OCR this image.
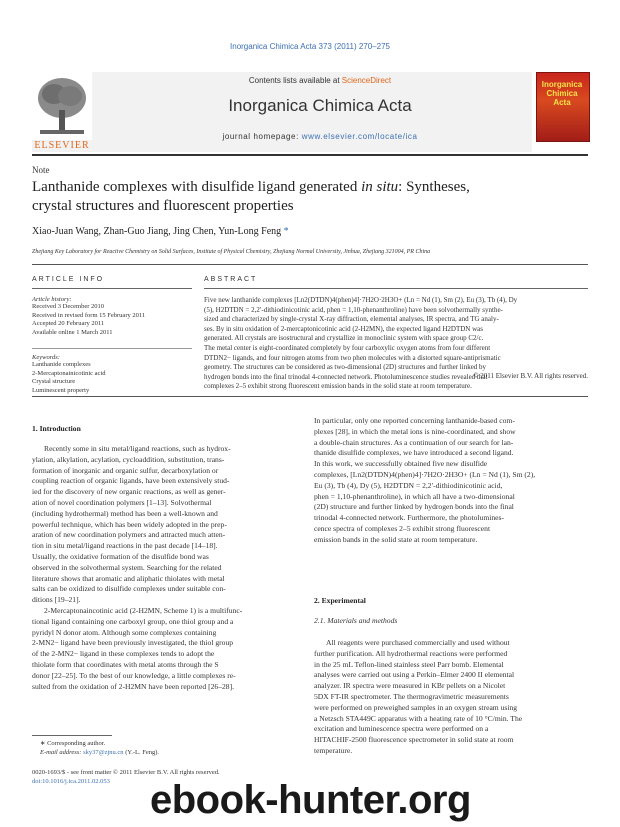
Inorganica Chimica Acta 373 (2011) 270–275
ELSEVIER
Contents lists available at ScienceDirect
Inorganica Chimica Acta
journal homepage: www.elsevier.com/locate/ica
Inorganica Chimica Acta
Note
Lanthanide complexes with disulfide ligand generated in situ: Syntheses,
crystal structures and fluorescent properties
Xiao-Juan Wang, Zhan-Guo Jiang, Jing Chen, Yun-Long Feng *
Zhejiang Key Laboratory for Reactive Chemistry on Solid Surfaces, Institute of Physical Chemistry, Zhejiang Normal University, Jinhua, Zhejiang 321004, PR China
ARTICLE INFO	ABSTRACT
Article history:
Received 3 December 2010
Received in revised form 15 February 2011
Accepted 20 February 2011
Available online 1 March 2011
Keywords:
Lanthanide complexes
2-Mercaptonainicotinic acid
Crystal structure
Luminescent property
Five new lanthanide complexes [Ln2(DTDN)4(phen)4]·7H2O·2H3O+ (Ln = Nd (1), Sm (2), Eu (3), Tb (4), Dy
(5), H2DTDN = 2,2′-dithiodinicotinic acid, phen = 1,10-phenanthroline) have been solvothermally synthe-
sized and characterized by single-crystal X-ray diffraction, elemental analyses, IR spectra, and TG analy-
ses. By in situ oxidation of 2-mercaptonicotinic acid (2-H2MN), the expected ligand H2DTDN was
generated. All crystals are isostructural and crystallize in monoclinic system with space group C2/c.
The metal center is eight-coordinated completely by four carboxylic oxygen atoms from four different
DTDN2− ligands, and four nitrogen atoms from two phen molecules with a distorted square-antiprismatic
geometry. The structures can be considered as two-dimensional (2D) structures and further linked by
hydrogen bonds into the final trinodal 4-connected network. Photoluminescence studies revealed that
complexes 2–5 exhibit strong fluorescent emission bands in the solid state at room temperature.
© 2011 Elsevier B.V. All rights reserved.
1. Introduction
Recently some in situ metal/ligand reactions, such as hydrox-
ylation, alkylation, acylation, cycloaddition, substitution, trans-
formation of inorganic and organic sulfur, decarboxylation or
coupling reaction of organic ligands, have been extensively stud-
ied for the discovery of new organic reactions, as well as gener-
ation of novel coordination polymers [1–13]. Solvothermal
(including hydrothermal) method has been a well-known and
powerful technique, which has been widely adopted in the prep-
aration of new coordination polymers and attracted much atten-
tion in situ metal/ligand reactions in the past decade [14–18].
Usually, the oxidative formation of the disulfide bond was
observed in the solvothermal system. Searching for the related
literature shows that aromatic and aliphatic thiolates with metal
salts can be oxidized to disulfide complexes under suitable con-
ditions [19–21].
2-Mercaptonaincotinic acid (2-H2MN, Scheme 1) is a multifunc-
tional ligand containing one carboxyl group, one thiol group and a
pyridyl N donor atom. Although some complexes containing
2-MN2− ligand have been previously investigated, the thiol group
of the 2-MN2− ligand in these complexes tends to adopt the
thiolate form that coordinates with metal atoms through the S
donor [22–25]. To the best of our knowledge, a little complexes re-
sulted from the oxidation of 2-H2MN have been reported [26–28].
In particular, only one reported concerning lanthanide-based com-
plexes [28], in which the metal ions is nine-coordinated, and show
a double-chain structures. As a continuation of our search for lan-
thanide disulfide complexes, we have introduced a second ligand.
In this work, we successfully obtained five new disulfide
complexes, [Ln2(DTDN)4(phen)4]·7H2O·2H3O+ (Ln = Nd (1), Sm (2),
Eu (3), Tb (4), Dy (5), H2DTDN = 2,2′-dithiodinicotinic acid,
phen = 1,10-phenanthroline), in which all have a two-dimensional
(2D) structure and further linked by hydrogen bonds into the final
trinodal 4-connected network. Furthermore, the photolumines-
cence spectra of complexes 2–5 exhibit strong fluorescent
emission bands in the solid state at room temperature.
2. Experimental
2.1. Materials and methods
All reagents were purchased commercially and used without
further purification. All hydrothermal reactions were performed
in the 25 mL Teflon-lined stainless steel Parr bomb. Elemental
analyses were carried out using a Perkin–Elmer 2400 II elemental
analyzer. IR spectra were measured in KBr pellets on a Nicolet
5DX FT-IR spectrometer. The thermogravimetric measurements
were performed on preweighed samples in an oxygen stream using
a Netzsch STA449C apparatus with a heating rate of 10 °C/min. The
excitation and luminescence spectra were performed on a
HITACHIF-2500 fluorescence spectrometer in solid state at room
temperature.
∗ Corresponding author.
E-mail address: sky37@zjnu.cn (Y.-L. Feng).
0020-1693/$ - see front matter © 2011 Elsevier B.V. All rights reserved.
doi:10.1016/j.ica.2011.02.053	ebook-hunter.org
